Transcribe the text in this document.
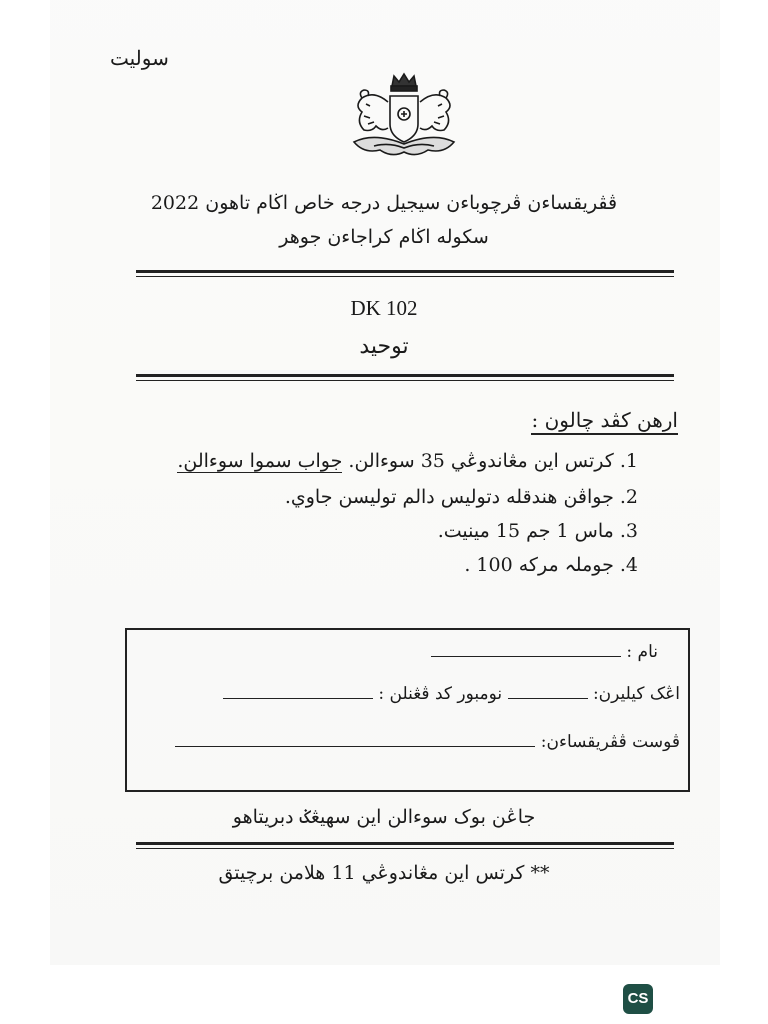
سوليت
ڤڤريقساءن ڤرچوباءن سيجيل درجه خاص اڬام تاهون 2022
سکوله اڬام کراجاءن جوهر
DK 102
توحيد
ارهن کڤد چالون :
1. کرتس اين مڠاندوڠي 35 سوءالن. جواب سموا سوءالن.
2. جواڤن هندقله دتوليس دالم توليسن جاوي.
3. ماس 1 جم 15 مينيت.
4. جوملہ مرکه 100 .
نام :
اڠک کيليرن:  نومبور کد ڤڠنلن :
ڤوست ڤڤريقساءن:
جاڠن بوک سوءالن اين سهيڠݢ دبريتاهو
** کرتس اين مڠاندوڠي 11 هلامن برچيتق
CS
